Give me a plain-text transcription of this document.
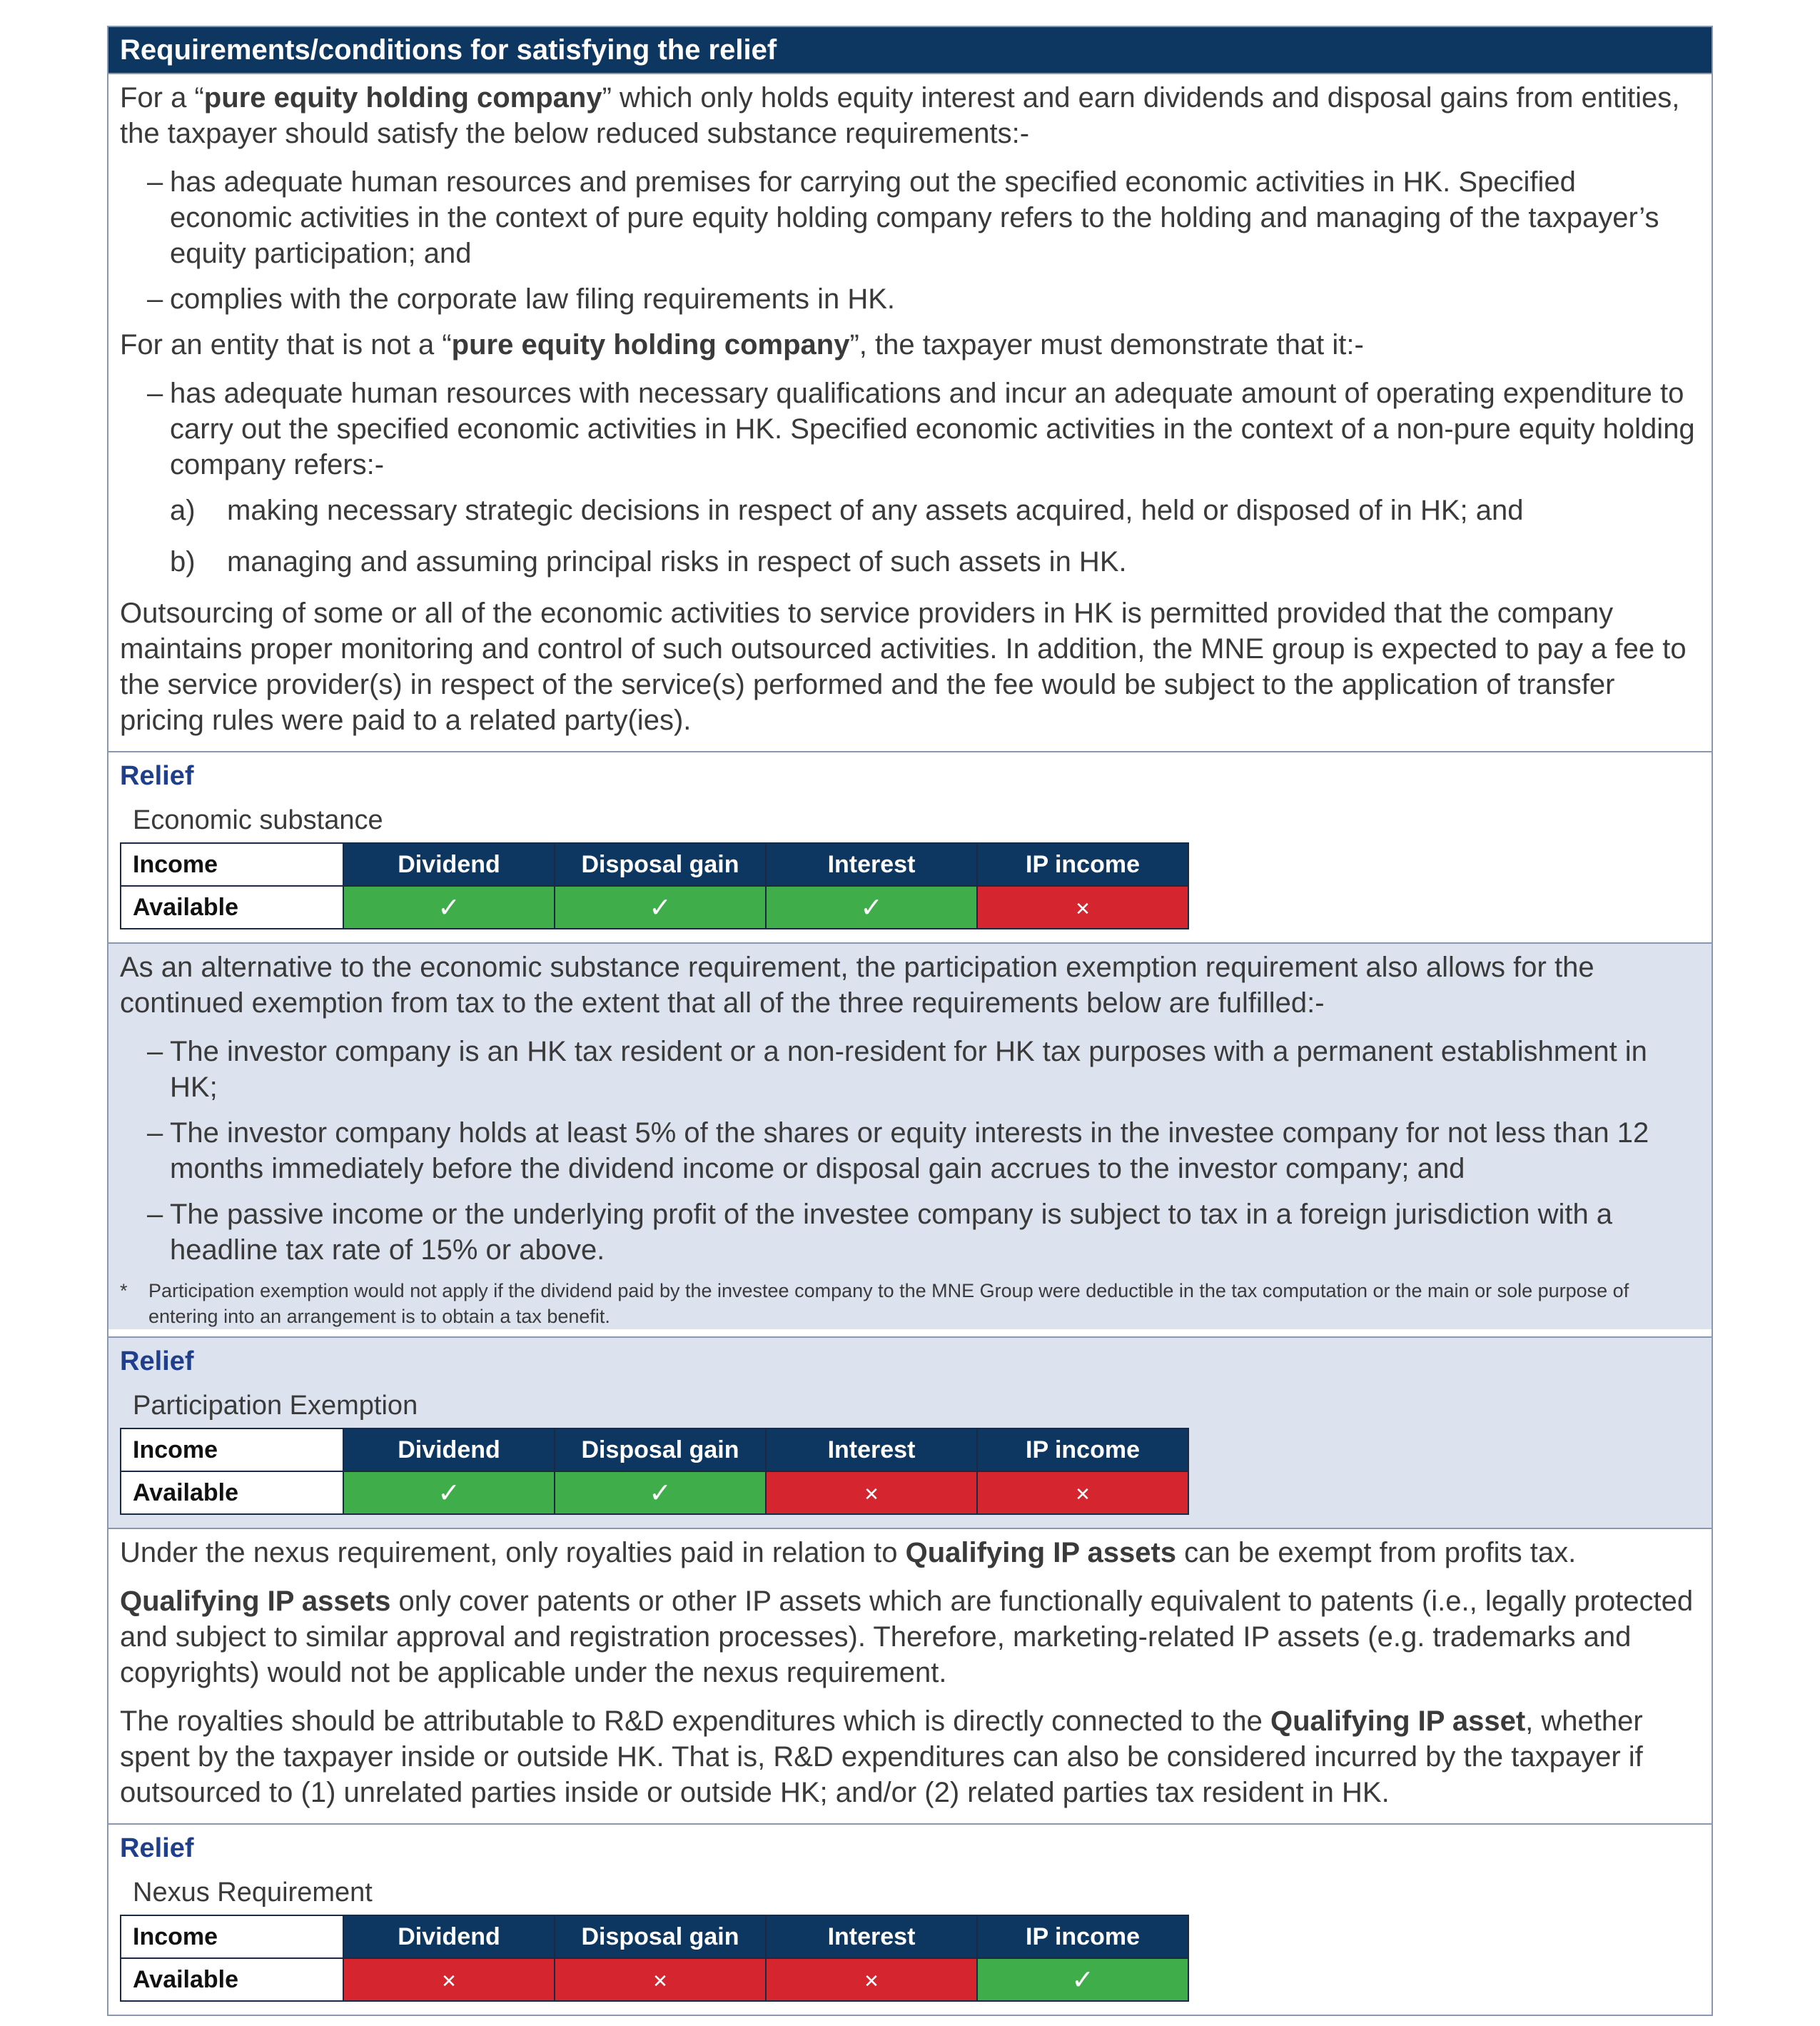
Requirements/conditions for satisfying the relief

For a “pure equity holding company” which only holds equity interest and earn dividends and disposal gains from entities, the taxpayer should satisfy the below reduced substance requirements:-

– has adequate human resources and premises for carrying out the specified economic activities in HK. Specified economic activities in the context of pure equity holding company refers to the holding and managing of the taxpayer’s equity participation; and
– complies with the corporate law filing requirements in HK.

For an entity that is not a “pure equity holding company”, the taxpayer must demonstrate that it:-

– has adequate human resources with necessary qualifications and incur an adequate amount of operating expenditure to carry out the specified economic activities in HK. Specified economic activities in the context of a non-pure equity holding company refers:-
a) making necessary strategic decisions in respect of any assets acquired, held or disposed of in HK; and
b) managing and assuming principal risks in respect of such assets in HK.

Outsourcing of some or all of the economic activities to service providers in HK is permitted provided that the company maintains proper monitoring and control of such outsourced activities. In addition, the MNE group is expected to pay a fee to the service provider(s) in respect of the service(s) performed and the fee would be subject to the application of transfer pricing rules were paid to a related party(ies).

Relief

Economic substance

Income	Dividend	Disposal gain	Interest	IP income
Available	✓	✓	✓	✕

As an alternative to the economic substance requirement, the participation exemption requirement also allows for the continued exemption from tax to the extent that all of the three requirements below are fulfilled:-

– The investor company is an HK tax resident or a non-resident for HK tax purposes with a permanent establishment in HK;
– The investor company holds at least 5% of the shares or equity interests in the investee company for not less than 12 months immediately before the dividend income or disposal gain accrues to the investor company; and
– The passive income or the underlying profit of the investee company is subject to tax in a foreign jurisdiction with a headline tax rate of 15% or above.
* Participation exemption would not apply if the dividend paid by the investee company to the MNE Group were deductible in the tax computation or the main or sole purpose of entering into an arrangement is to obtain a tax benefit.

Relief

Participation Exemption

Income	Dividend	Disposal gain	Interest	IP income
Available	✓	✓	✕	✕

Under the nexus requirement, only royalties paid in relation to Qualifying IP assets can be exempt from profits tax.

Qualifying IP assets only cover patents or other IP assets which are functionally equivalent to patents (i.e., legally protected and subject to similar approval and registration processes). Therefore, marketing-related IP assets (e.g. trademarks and copyrights) would not be applicable under the nexus requirement.

The royalties should be attributable to R&D expenditures which is directly connected to the Qualifying IP asset, whether spent by the taxpayer inside or outside HK. That is, R&D expenditures can also be considered incurred by the taxpayer if outsourced to (1) unrelated parties inside or outside HK; and/or (2) related parties tax resident in HK.

Relief

Nexus Requirement

Income	Dividend	Disposal gain	Interest	IP income
Available	✕	✕	✕	✓
